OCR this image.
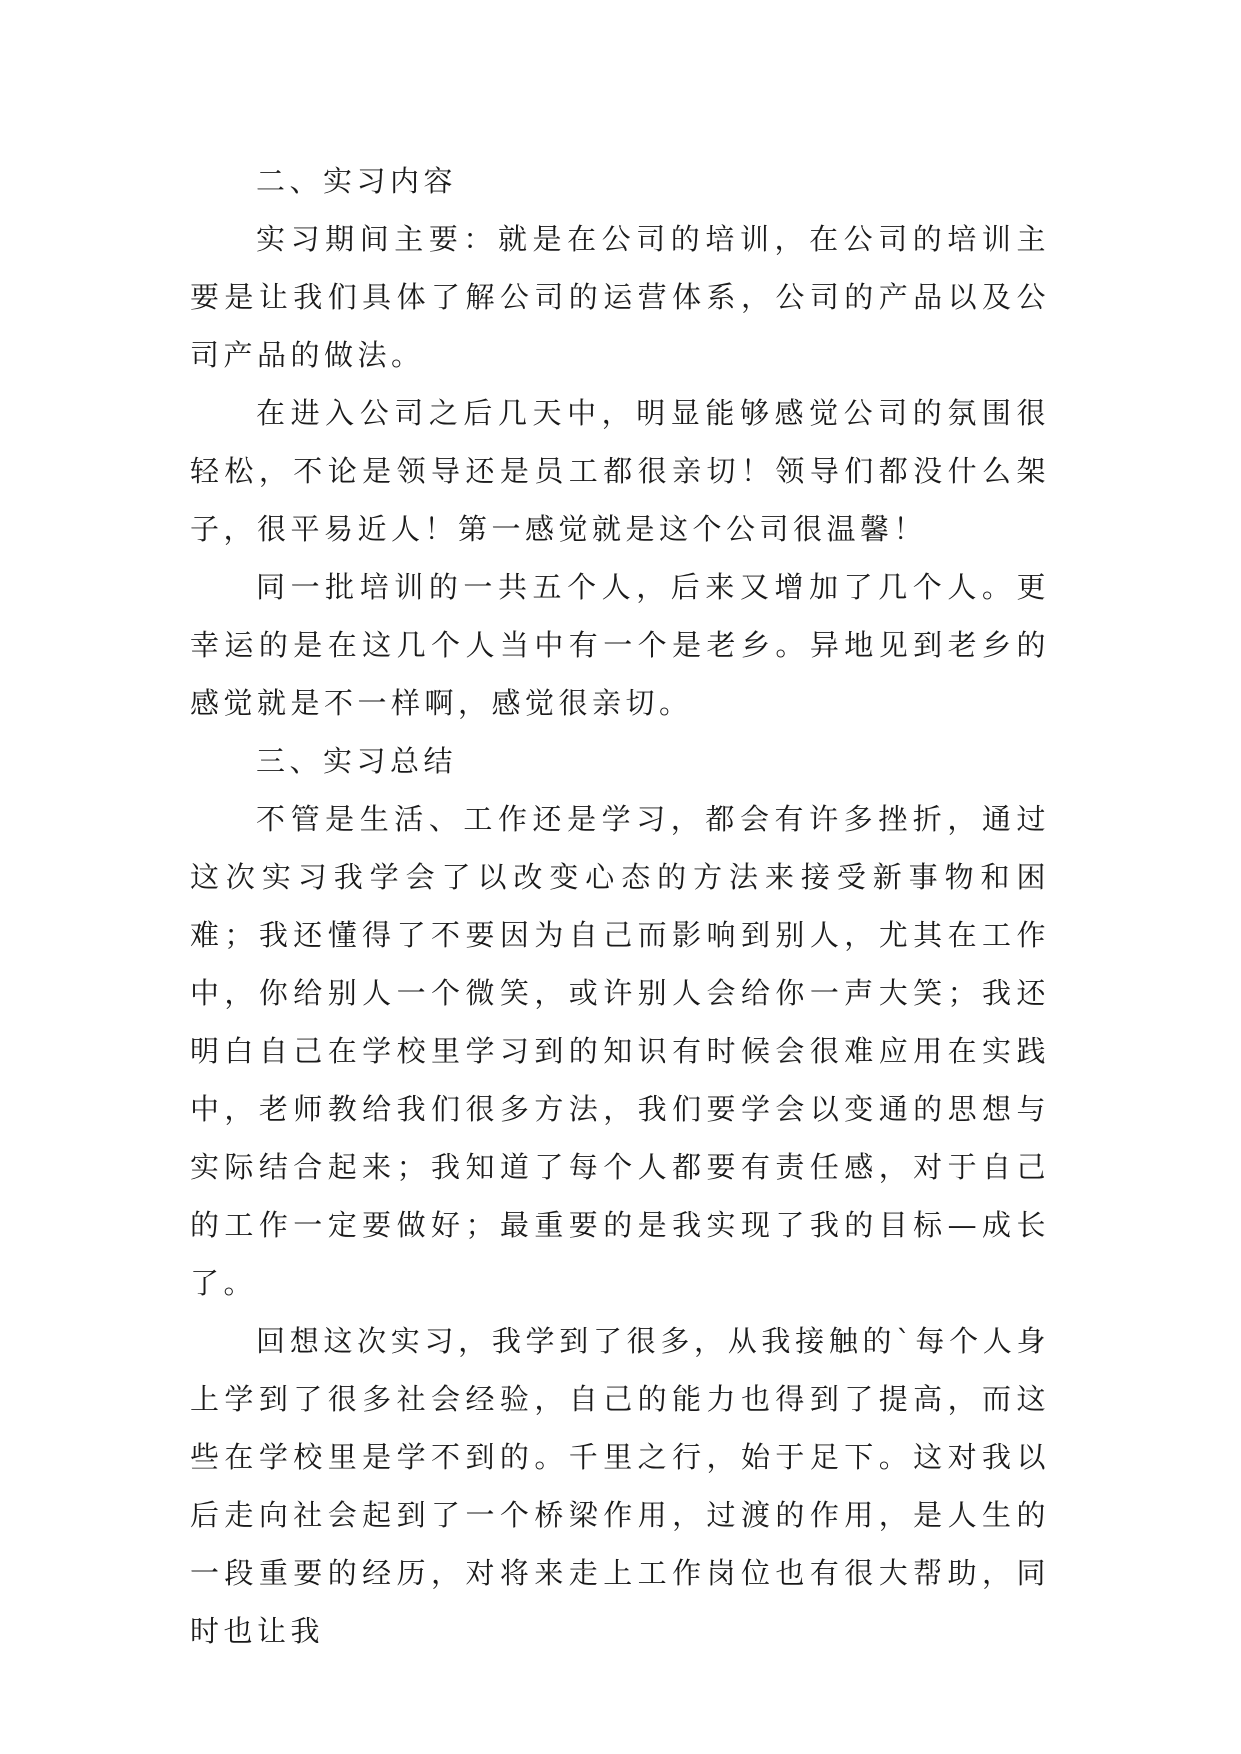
二、实习内容

实习期间主要：就是在公司的培训，在公司的培训主要是让我们具体了解公司的运营体系，公司的产品以及公司产品的做法。

在进入公司之后几天中，明显能够感觉公司的氛围很轻松，不论是领导还是员工都很亲切！领导们都没什么架子，很平易近人！第一感觉就是这个公司很温馨！

同一批培训的一共五个人，后来又增加了几个人。更幸运的是在这几个人当中有一个是老乡。异地见到老乡的感觉就是不一样啊，感觉很亲切。

三、实习总结

不管是生活、工作还是学习，都会有许多挫折，通过这次实习我学会了以改变心态的方法来接受新事物和困难；我还懂得了不要因为自己而影响到别人，尤其在工作中，你给别人一个微笑，或许别人会给你一声大笑；我还明白自己在学校里学习到的知识有时候会很难应用在实践中，老师教给我们很多方法，我们要学会以变通的思想与实际结合起来；我知道了每个人都要有责任感，对于自己的工作一定要做好；最重要的是我实现了我的目标—成长了。

回想这次实习，我学到了很多，从我接触的`每个人身上学到了很多社会经验，自己的能力也得到了提高，而这些在学校里是学不到的。千里之行，始于足下。这对我以后走向社会起到了一个桥梁作用，过渡的作用，是人生的一段重要的经历，对将来走上工作岗位也有很大帮助，同时也让我
